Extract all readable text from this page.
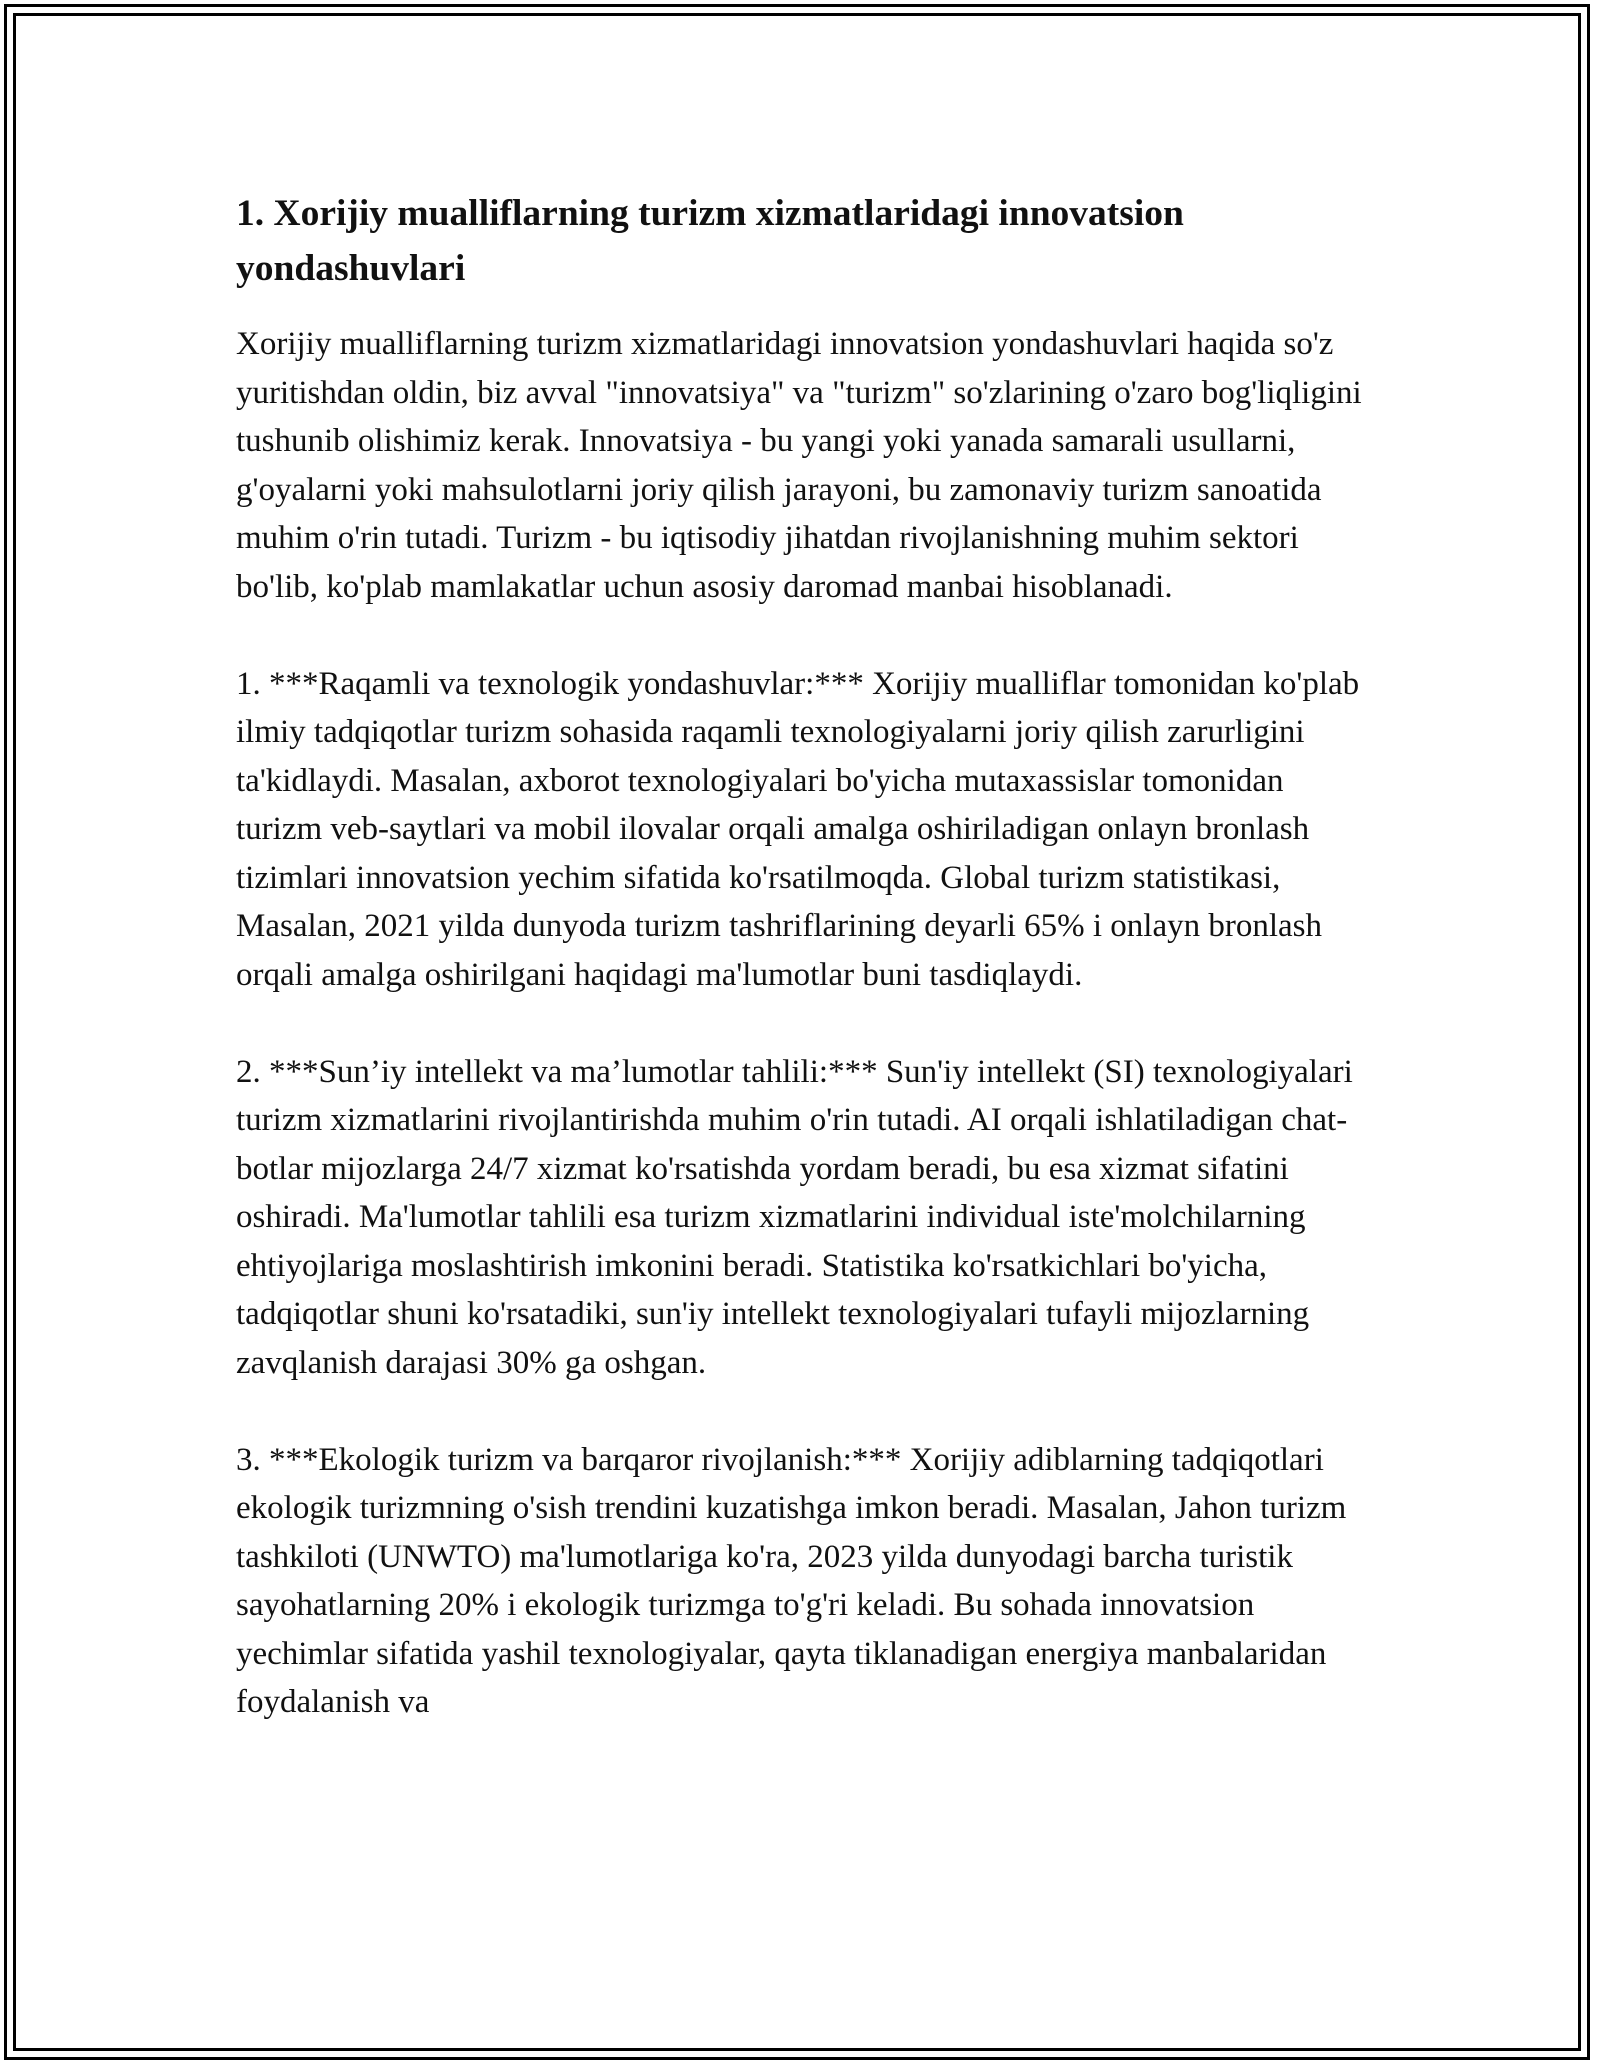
1. Xorijiy mualliflarning turizm xizmatlaridagi innovatsion yondashuvlari

Xorijiy mualliflarning turizm xizmatlaridagi innovatsion yondashuvlari haqida so'z yuritishdan oldin, biz avval "innovatsiya" va "turizm" so'zlarining o'zaro bog'liqligini tushunib olishimiz kerak. Innovatsiya - bu yangi yoki yanada samarali usullarni, g'oyalarni yoki mahsulotlarni joriy qilish jarayoni, bu zamonaviy turizm sanoatida muhim o'rin tutadi. Turizm - bu iqtisodiy jihatdan rivojlanishning muhim sektori bo'lib, ko'plab mamlakatlar uchun asosiy daromad manbai hisoblanadi.

1. ***Raqamli va texnologik yondashuvlar:*** Xorijiy mualliflar tomonidan ko'plab ilmiy tadqiqotlar turizm sohasida raqamli texnologiyalarni joriy qilish zarurligini ta'kidlaydi. Masalan, axborot texnologiyalari bo'yicha mutaxassislar tomonidan turizm veb-saytlari va mobil ilovalar orqali amalga oshiriladigan onlayn bronlash tizimlari innovatsion yechim sifatida ko'rsatilmoqda. Global turizm statistikasi, Masalan, 2021 yilda dunyoda turizm tashriflarining deyarli 65% i onlayn bronlash orqali amalga oshirilgani haqidagi ma'lumotlar buni tasdiqlaydi.

2. ***Sun’iy intellekt va ma’lumotlar tahlili:*** Sun'iy intellekt (SI) texnologiyalari turizm xizmatlarini rivojlantirishda muhim o'rin tutadi. AI orqali ishlatiladigan chat-botlar mijozlarga 24/7 xizmat ko'rsatishda yordam beradi, bu esa xizmat sifatini oshiradi. Ma'lumotlar tahlili esa turizm xizmatlarini individual iste'molchilarning ehtiyojlariga moslashtirish imkonini beradi. Statistika ko'rsatkichlari bo'yicha, tadqiqotlar shuni ko'rsatadiki, sun'iy intellekt texnologiyalari tufayli mijozlarning zavqlanish darajasi 30% ga oshgan.

3. ***Ekologik turizm va barqaror rivojlanish:*** Xorijiy adiblarning tadqiqotlari ekologik turizmning o'sish trendini kuzatishga imkon beradi. Masalan, Jahon turizm tashkiloti (UNWTO) ma'lumotlariga ko'ra, 2023 yilda dunyodagi barcha turistik sayohatlarning 20% i ekologik turizmga to'g'ri keladi. Bu sohada innovatsion yechimlar sifatida yashil texnologiyalar, qayta tiklanadigan energiya manbalaridan foydalanish va
